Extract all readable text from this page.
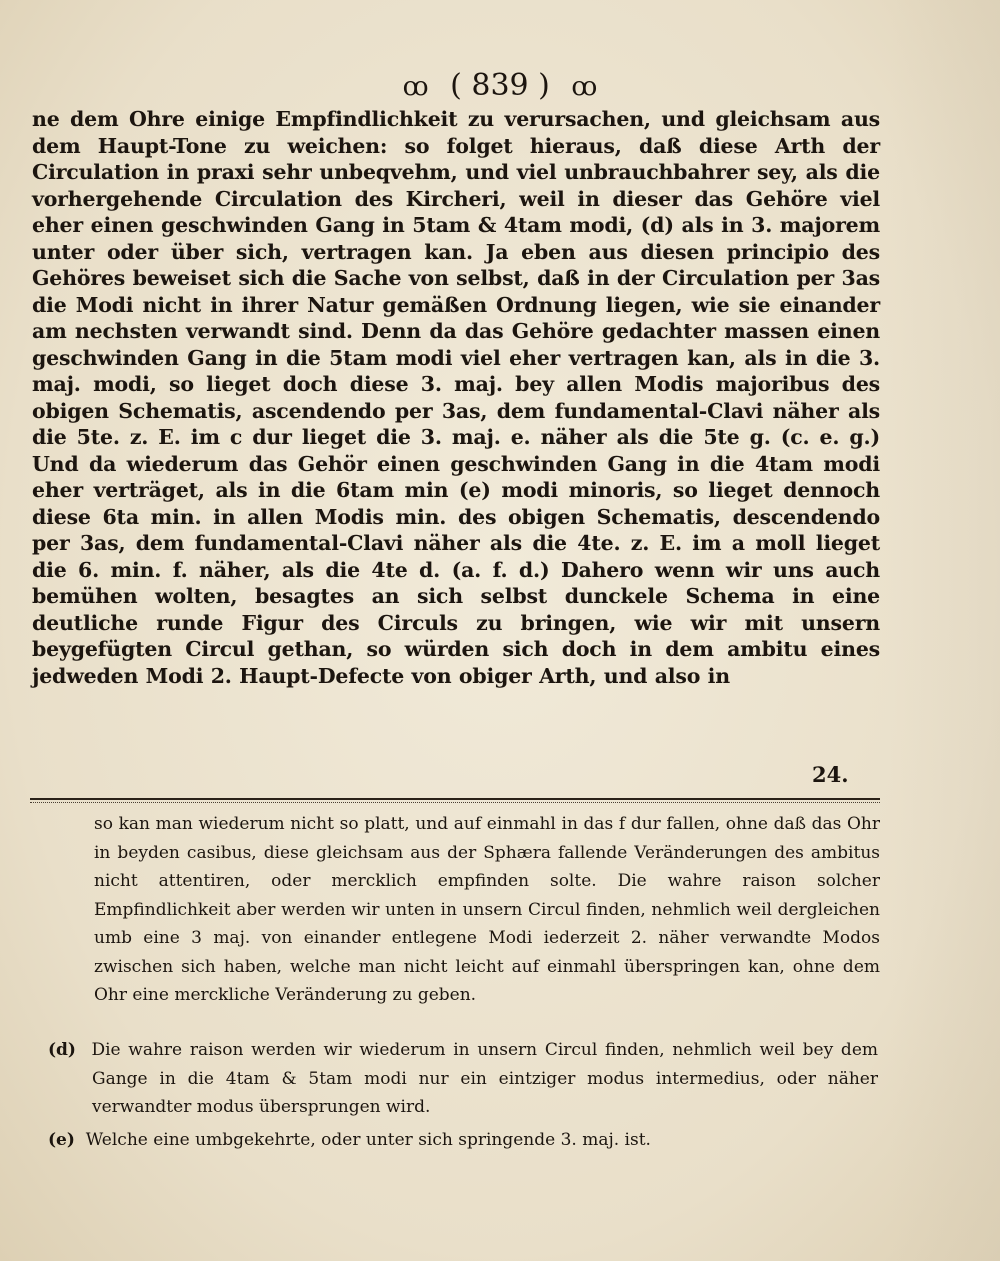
ꝏ ( 839 ) ꝏ

ne dem Ohre einige Empfindlichkeit zu verursachen, und gleichsam aus dem Haupt-Tone zu weichen: so folget hieraus, daß diese Arth der Circulation in praxi sehr unbeqvehm, und viel unbrauchbahrer sey, als die vorhergehende Circulation des Kircheri, weil in dieser das Gehöre viel eher einen geschwinden Gang in 5tam & 4tam modi, (d) als in 3. majorem unter oder über sich, vertragen kan. Ja eben aus diesen principio des Gehöres beweiset sich die Sache von selbst, daß in der Circulation per 3as die Modi nicht in ihrer Natur gemäßen Ordnung liegen, wie sie einander am nechsten verwandt sind. Denn da das Gehöre gedachter massen einen geschwinden Gang in die 5tam modi viel eher vertragen kan, als in die 3. maj. modi, so lieget doch diese 3. maj. bey allen Modis majoribus des obigen Schematis, ascendendo per 3as, dem fundamental-Clavi näher als die 5te. z. E. im c dur lieget die 3. maj. e. näher als die 5te g. (c. e. g.) Und da wiederum das Gehör einen geschwinden Gang in die 4tam modi eher verträget, als in die 6tam min (e) modi minoris, so lieget dennoch diese 6ta min. in allen Modis min. des obigen Schematis, descendendo per 3as, dem fundamental-Clavi näher als die 4te. z. E. im a moll lieget die 6. min. f. näher, als die 4te d. (a. f. d.) Dahero wenn wir uns auch bemühen wolten, besagtes an sich selbst dunckele Schema in eine deutliche runde Figur des Circuls zu bringen, wie wir mit unsern beygefügten Circul gethan, so würden sich doch in dem ambitu eines jedweden Modi 2. Haupt-Defecte von obiger Arth, und also in

24.

so kan man wiederum nicht so platt, und auf einmahl in das f dur fallen, ohne daß das Ohr in beyden casibus, diese gleichsam aus der Sphæra fallende Veränderungen des ambitus nicht attentiren, oder mercklich empfinden solte. Die wahre raison solcher Empfindlichkeit aber werden wir unten in unsern Circul finden, nehmlich weil dergleichen umb eine 3 maj. von einander entlegene Modi iederzeit 2. näher verwandte Modos zwischen sich haben, welche man nicht leicht auf einmahl überspringen kan, ohne dem Ohr eine merckliche Veränderung zu geben.

(d) Die wahre raison werden wir wiederum in unsern Circul finden, nehmlich weil bey dem Gange in die 4tam & 5tam modi nur ein eintziger modus intermedius, oder näher verwandter modus übersprungen wird.
(e) Welche eine umbgekehrte, oder unter sich springende 3. maj. ist.
